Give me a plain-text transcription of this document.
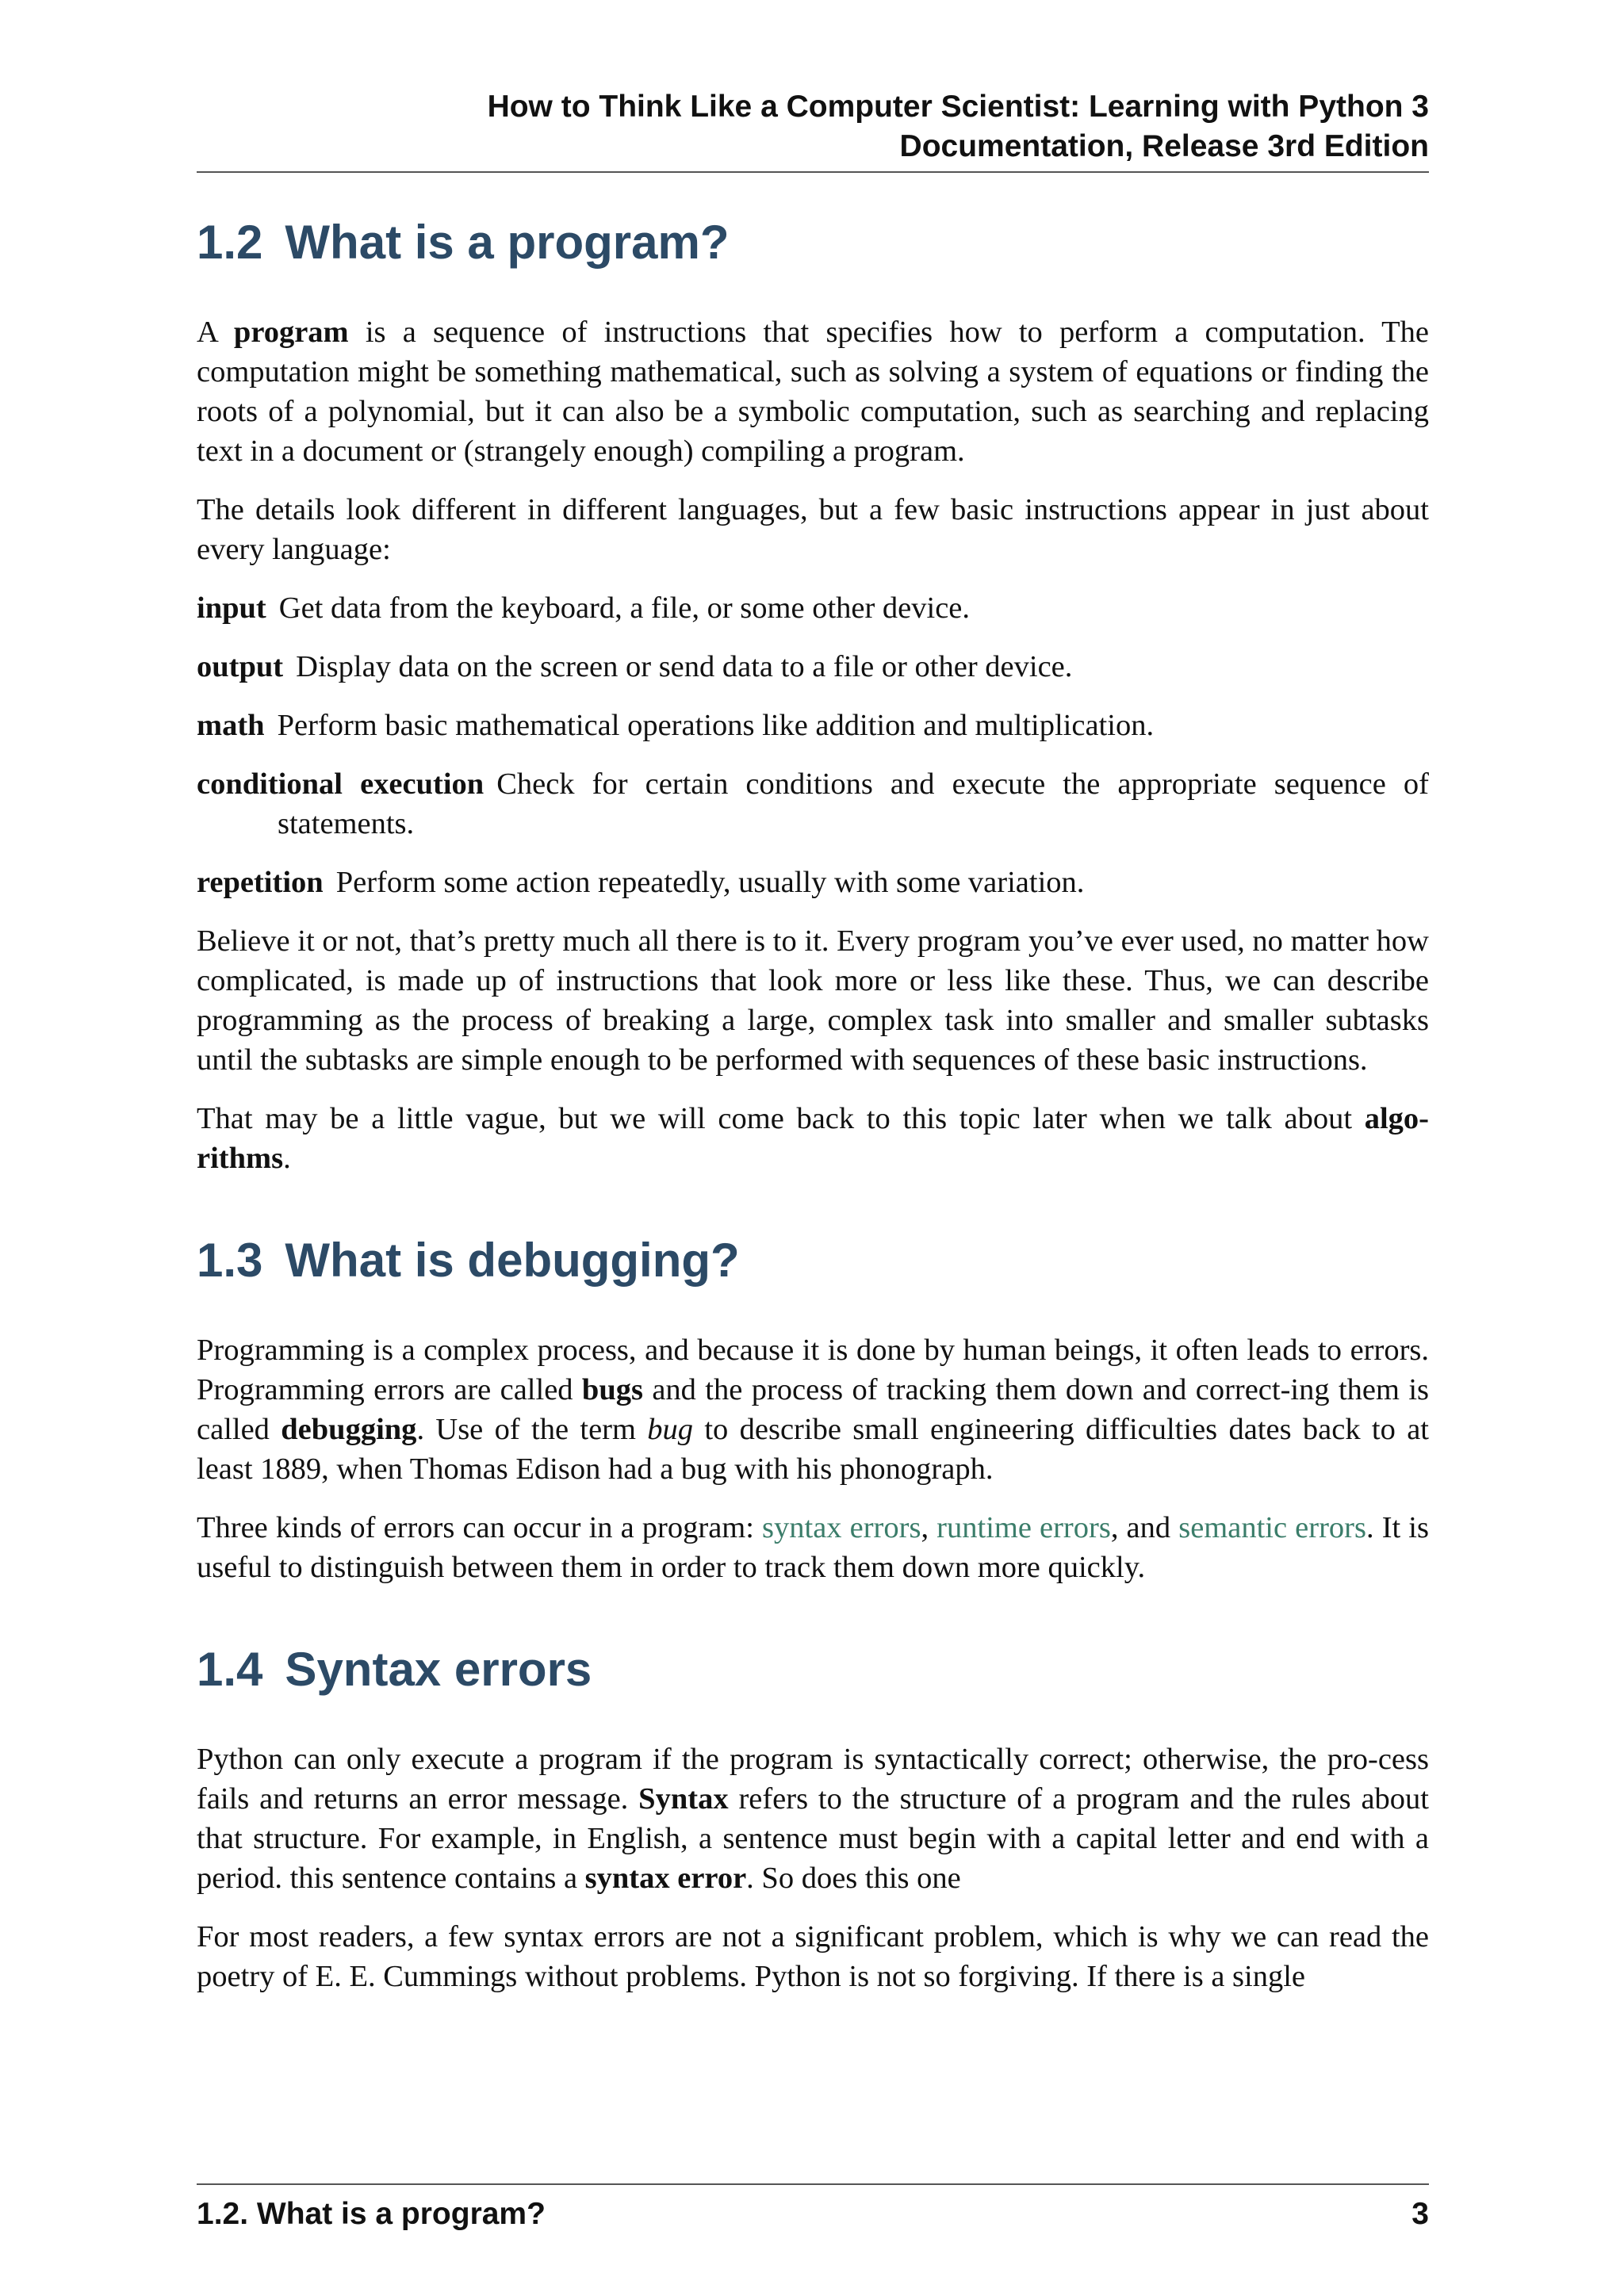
How to Think Like a Computer Scientist: Learning with Python 3
Documentation, Release 3rd Edition
1.2 What is a program?

A program is a sequence of instructions that specifies how to perform a computation. The computation might be something mathematical, such as solving a system of equations or finding the roots of a polynomial, but it can also be a symbolic computation, such as searching and replacing text in a document or (strangely enough) compiling a program.

The details look different in different languages, but a few basic instructions appear in just about every language:

input Get data from the keyboard, a file, or some other device.
output Display data on the screen or send data to a file or other device.
math Perform basic mathematical operations like addition and multiplication.
conditional execution Check for certain conditions and execute the appropriate sequence of statements.
repetition Perform some action repeatedly, usually with some variation.

Believe it or not, that’s pretty much all there is to it. Every program you’ve ever used, no matter how complicated, is made up of instructions that look more or less like these. Thus, we can describe programming as the process of breaking a large, complex task into smaller and smaller subtasks until the subtasks are simple enough to be performed with sequences of these basic instructions.

That may be a little vague, but we will come back to this topic later when we talk about algo-rithms.

1.3 What is debugging?

Programming is a complex process, and because it is done by human beings, it often leads to errors. Programming errors are called bugs and the process of tracking them down and correct-ing them is called debugging. Use of the term bug to describe small engineering difficulties dates back to at least 1889, when Thomas Edison had a bug with his phonograph.

Three kinds of errors can occur in a program: syntax errors, runtime errors, and semantic errors. It is useful to distinguish between them in order to track them down more quickly.

1.4 Syntax errors

Python can only execute a program if the program is syntactically correct; otherwise, the pro-cess fails and returns an error message. Syntax refers to the structure of a program and the rules about that structure. For example, in English, a sentence must begin with a capital letter and end with a period. this sentence contains a syntax error. So does this one

For most readers, a few syntax errors are not a significant problem, which is why we can read the poetry of E. E. Cummings without problems. Python is not so forgiving. If there is a single

1.2. What is a program?	3
